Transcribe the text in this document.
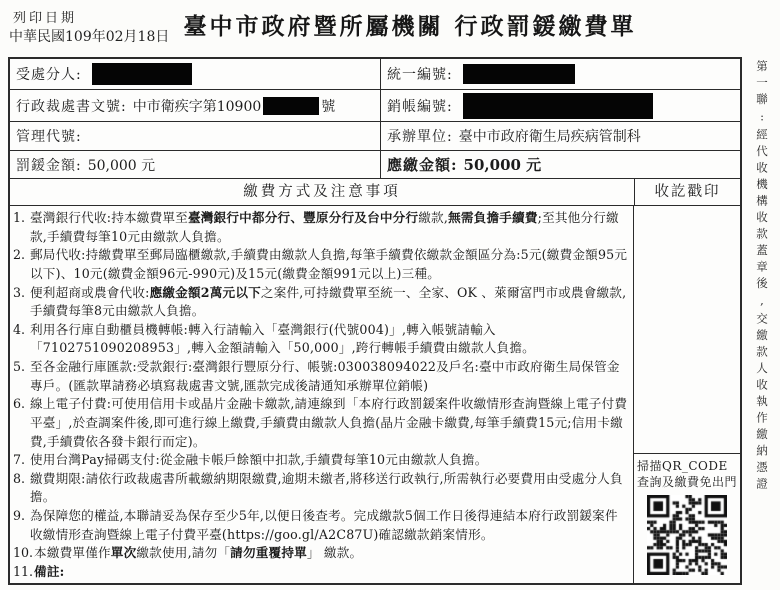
列印日期
中華民國109年02月18日 臺中市政府暨所屬機關 行政罰鍰繳費單
受處分人:	統一編號:
行政裁處書文號: 中市衛疾字第10900	號	銷帳編號:
管理代號:	承辦單位: 臺中市政府衛生局疾病管制科
罰鍰金額: 50,000 元	應繳金額: 50,000 元
繳費方式及注意事項	收訖戳印
1. 臺灣銀行代收:持本繳費單至臺灣銀行中都分行、豐原分行及台中分行繳款,無需負擔手續費;至其他分行繳款,手續費每筆10元由繳款人負擔。
2. 郵局代收:持繳費單至郵局臨櫃繳款,手續費由繳款人負擔,每筆手續費依繳款金額區分為:5元(繳費金額95元以下)、10元(繳費金額96元-990元)及15元(繳費金額991元以上)三種。
3. 便利超商或農會代收:應繳金額2萬元以下之案件,可持繳費單至統一、全家、OK 、萊爾富門市或農會繳款,手續費每筆8元由繳款人負擔。
4. 利用各行庫自動櫃員機轉帳:轉入行請輸入「臺灣銀行(代號004)」,轉入帳號請輸入「7102751090208953」,轉入金額請輸入「50,000」,跨行轉帳手續費由繳款人負擔。
5. 至各金融行庫匯款:受款銀行:臺灣銀行豐原分行、帳號:030038094022及戶名:臺中市政府衛生局保管金專戶。(匯款單請務必填寫裁處書文號,匯款完成後請通知承辦單位銷帳)
6. 線上電子付費:可使用信用卡或晶片金融卡繳款,請連線到「本府行政罰鍰案件收繳情形查詢暨線上電子付費平臺」,於查調案件後,即可進行線上繳費,手續費由繳款人負擔(晶片金融卡繳費,每筆手續費15元;信用卡繳費,手續費依各發卡銀行而定)。
7. 使用台灣Pay掃碼支付:從金融卡帳戶餘額中扣款,手續費每筆10元由繳款人負擔。
8. 繳費期限:請依行政裁處書所載繳納期限繳費,逾期未繳者,將移送行政執行,所需執行必要費用由受處分人負擔。
9. 為保障您的權益,本聯請妥為保存至少5年,以便日後查考。完成繳款5個工作日後得連結本府行政罰鍰案件收繳情形查詢暨線上電子付費平臺(https://goo.gl/A2C87U)確認繳款銷案情形。
10. 本繳費單僅作單次繳款使用,請勿「請勿重覆持單」 繳款。
11. 備註:
掃描QR_CODE
查詢及繳費免出門 第一聯:經代收機構收款蓋章後,交繳款人收執作繳納憑證
